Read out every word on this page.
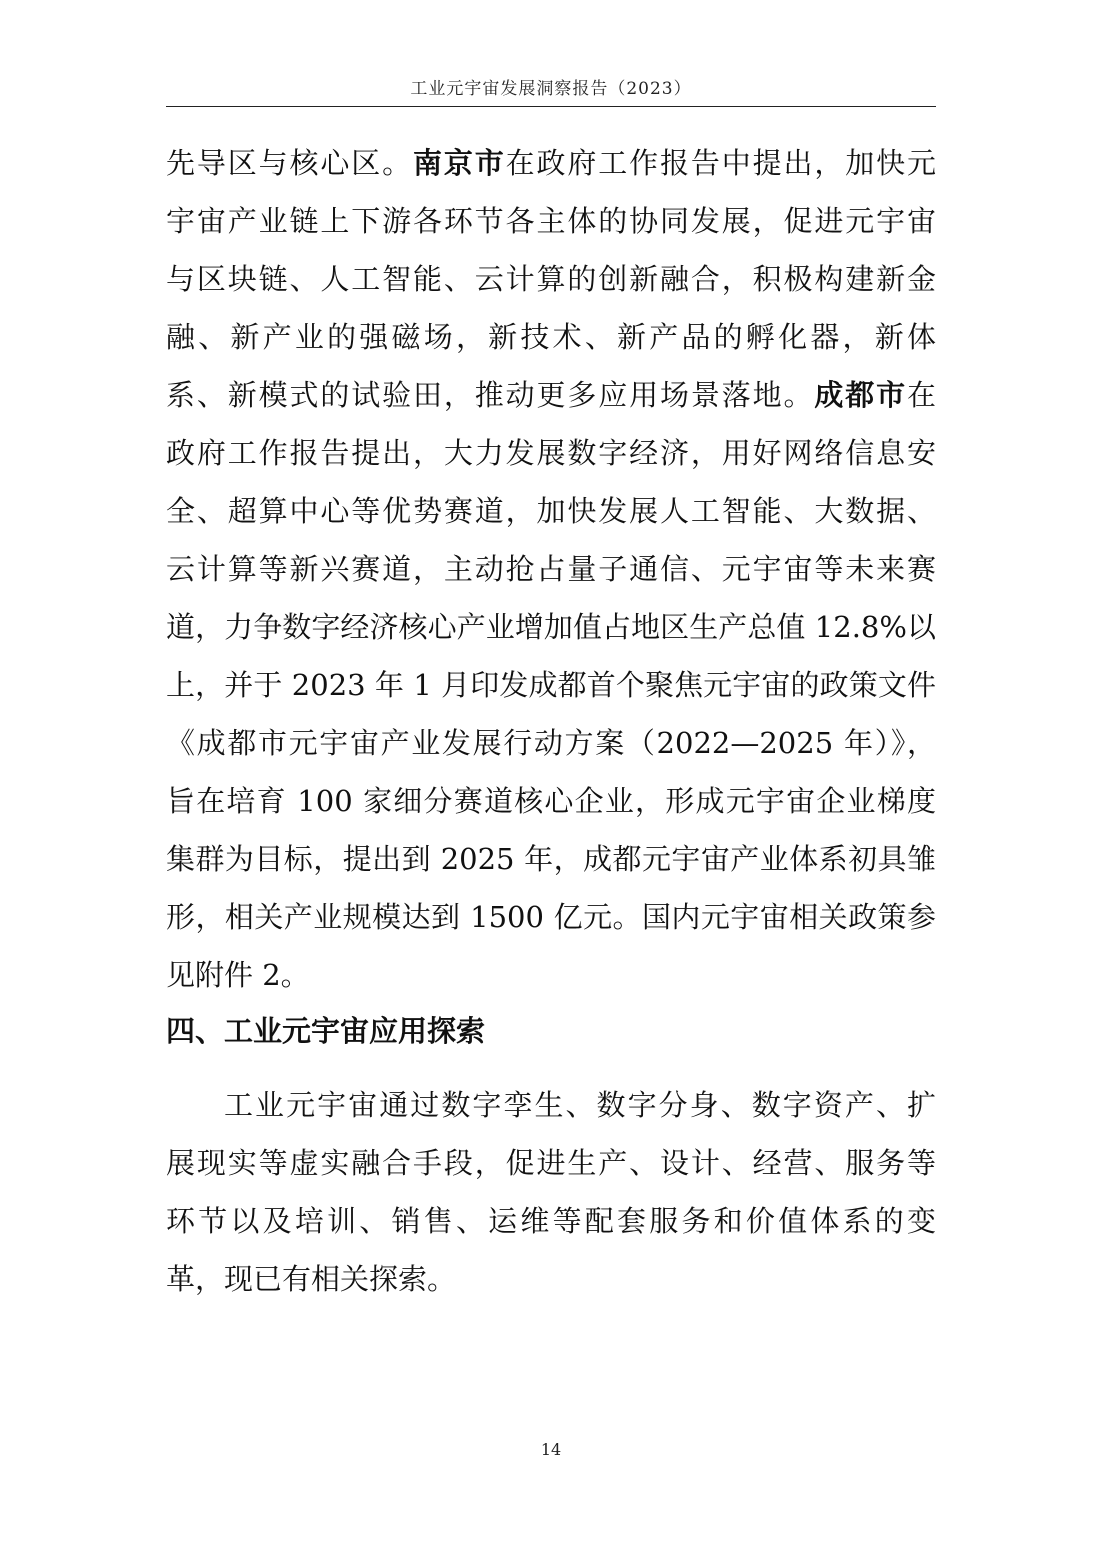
工业元宇宙发展洞察报告（2023）
先导区与核心区。南京市在政府工作报告中提出，加快元
宇宙产业链上下游各环节各主体的协同发展，促进元宇宙
与区块链、人工智能、云计算的创新融合，积极构建新金
融、新产业的强磁场，新技术、新产品的孵化器，新体
系、新模式的试验田，推动更多应用场景落地。成都市在
政府工作报告提出，大力发展数字经济，用好网络信息安
全、超算中心等优势赛道，加快发展人工智能、大数据、
云计算等新兴赛道，主动抢占量子通信、元宇宙等未来赛
道，力争数字经济核心产业增加值占地区生产总值 12.8%以
上，并于 2023 年 1 月印发成都首个聚焦元宇宙的政策文件
《成都市元宇宙产业发展行动方案（2022—2025 年）》，
旨在培育 100 家细分赛道核心企业，形成元宇宙企业梯度
集群为目标，提出到 2025 年，成都元宇宙产业体系初具雏
形，相关产业规模达到 1500 亿元。国内元宇宙相关政策参
见附件 2。
四、工业元宇宙应用探索
工业元宇宙通过数字孪生、数字分身、数字资产、扩
展现实等虚实融合手段，促进生产、设计、经营、服务等
环节以及培训、销售、运维等配套服务和价值体系的变
革，现已有相关探索。
14
